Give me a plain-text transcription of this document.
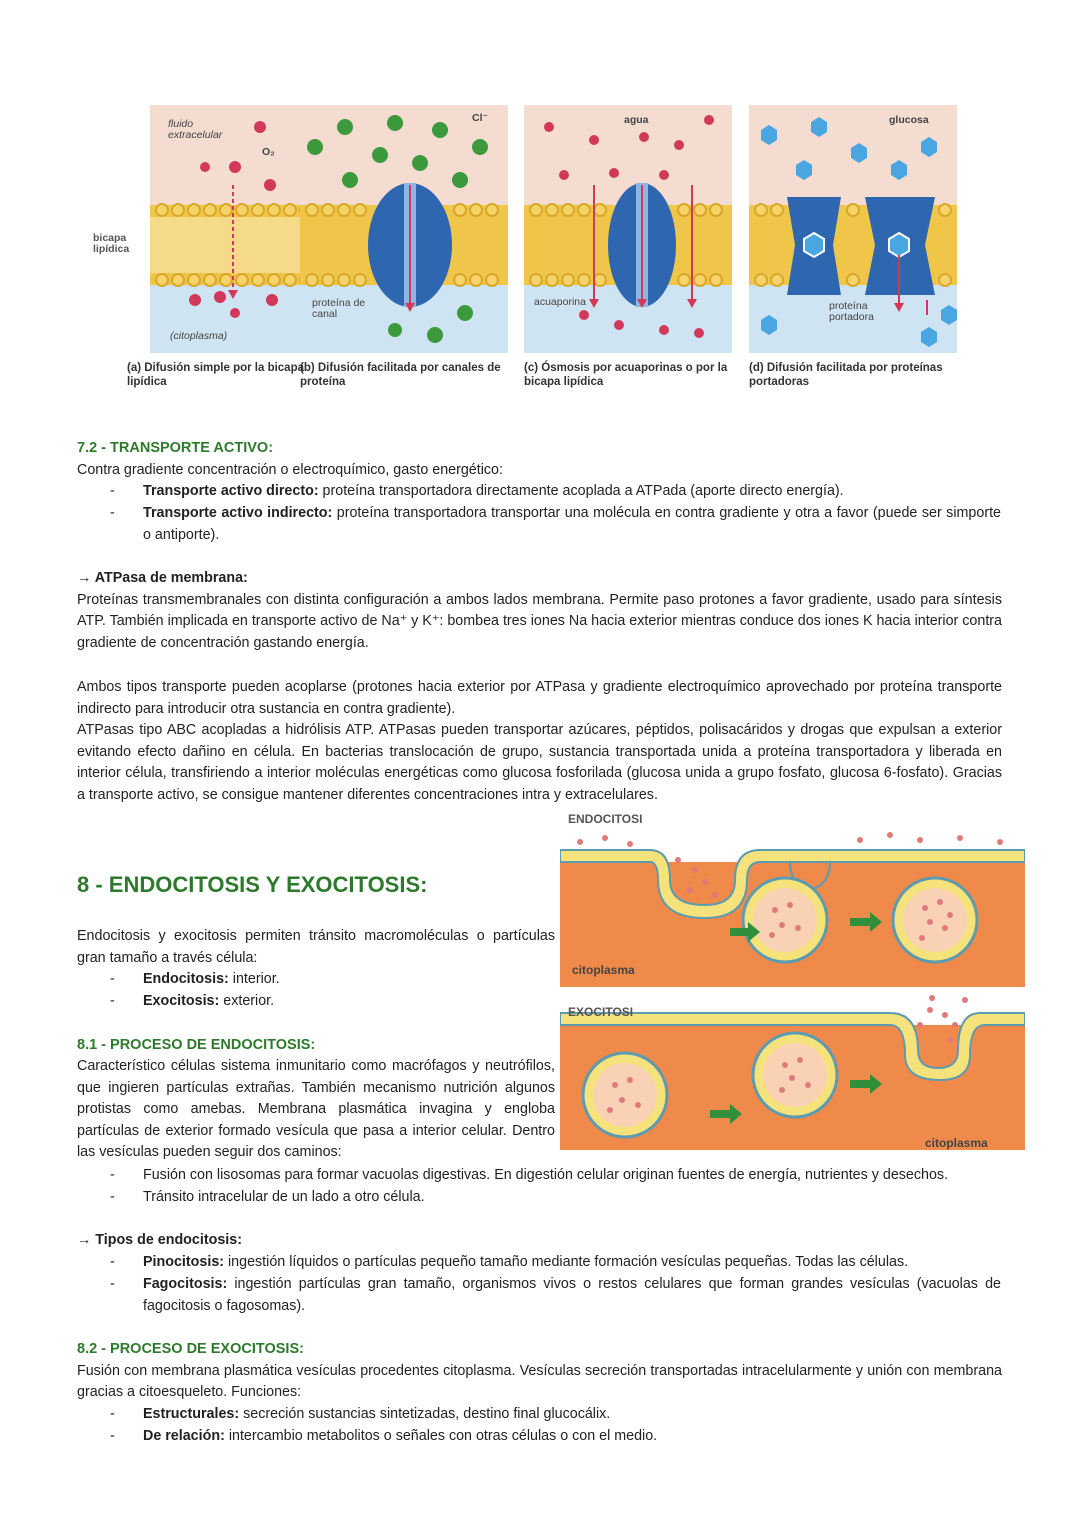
bicapa lipídica
fluido extracelular
O₂
(citoplasma)
(a) Difusión simple por la bicapa lipídica
Cl⁻
proteína de canal
(b) Difusión facilitada por canales de proteína
agua
acuaporina
(c) Ósmosis por acuaporinas o por la bicapa lipídica
glucosa
proteína portadora
(d) Difusión facilitada por proteínas portadoras
7.2 - TRANSPORTE ACTIVO:
Contra gradiente concentración o electroquímico, gasto energético:
- Transporte activo directo: proteína transportadora directamente acoplada a ATPada (aporte directo energía).
- Transporte activo indirecto: proteína transportadora transportar una molécula en contra gradiente y otra a favor (puede ser simporte o antiporte).
→ ATPasa de membrana:
Proteínas transmembranales con distinta configuración a ambos lados membrana. Permite paso protones a favor gradiente, usado para síntesis ATP. También implicada en transporte activo de Na⁺ y K⁺: bombea tres iones Na hacia exterior mientras conduce dos iones K hacia interior contra gradiente de concentración gastando energía.
Ambos tipos transporte pueden acoplarse (protones hacia exterior por ATPasa y gradiente electroquímico aprovechado por proteína transporte indirecto para introducir otra sustancia en contra gradiente).
ATPasas tipo ABC acopladas a hidrólisis ATP. ATPasas pueden transportar azúcares, péptidos, polisacáridos y drogas que expulsan a exterior evitando efecto dañino en célula. En bacterias translocación de grupo, sustancia transportada unida a proteína transportadora y liberada en interior célula, transfiriendo a interior moléculas energéticas como glucosa fosforilada (glucosa unida a grupo fosfato, glucosa 6-fosfato). Gracias a transporte activo, se consigue mantener diferentes concentraciones intra y extracelulares.
ENDOCITOSI
citoplasma
EXOCITOSI
citoplasma
8 - ENDOCITOSIS Y EXOCITOSIS:
Endocitosis y exocitosis permiten tránsito macromoléculas o partículas gran tamaño a través célula:
- Endocitosis: interior.
- Exocitosis: exterior.
8.1 - PROCESO DE ENDOCITOSIS:
Característico células sistema inmunitario como macrófagos y neutrófilos, que ingieren partículas extrañas. También mecanismo nutrición algunos protistas como amebas. Membrana plasmática invagina y engloba partículas de exterior formado vesícula que pasa a interior celular. Dentro las vesículas pueden seguir dos caminos:
- Fusión con lisosomas para formar vacuolas digestivas. En digestión celular originan fuentes de energía, nutrientes y desechos.
- Tránsito intracelular de un lado a otro célula.
→ Tipos de endocitosis:
- Pinocitosis: ingestión líquidos o partículas pequeño tamaño mediante formación vesículas pequeñas. Todas las células.
- Fagocitosis: ingestión partículas gran tamaño, organismos vivos o restos celulares que forman grandes vesículas (vacuolas de fagocitosis o fagosomas).
8.2 - PROCESO DE EXOCITOSIS:
Fusión con membrana plasmática vesículas procedentes citoplasma. Vesículas secreción transportadas intracelularmente y unión con membrana gracias a citoesqueleto. Funciones:
- Estructurales: secreción sustancias sintetizadas, destino final glucocálix.
- De relación: intercambio metabolitos o señales con otras células o con el medio.
